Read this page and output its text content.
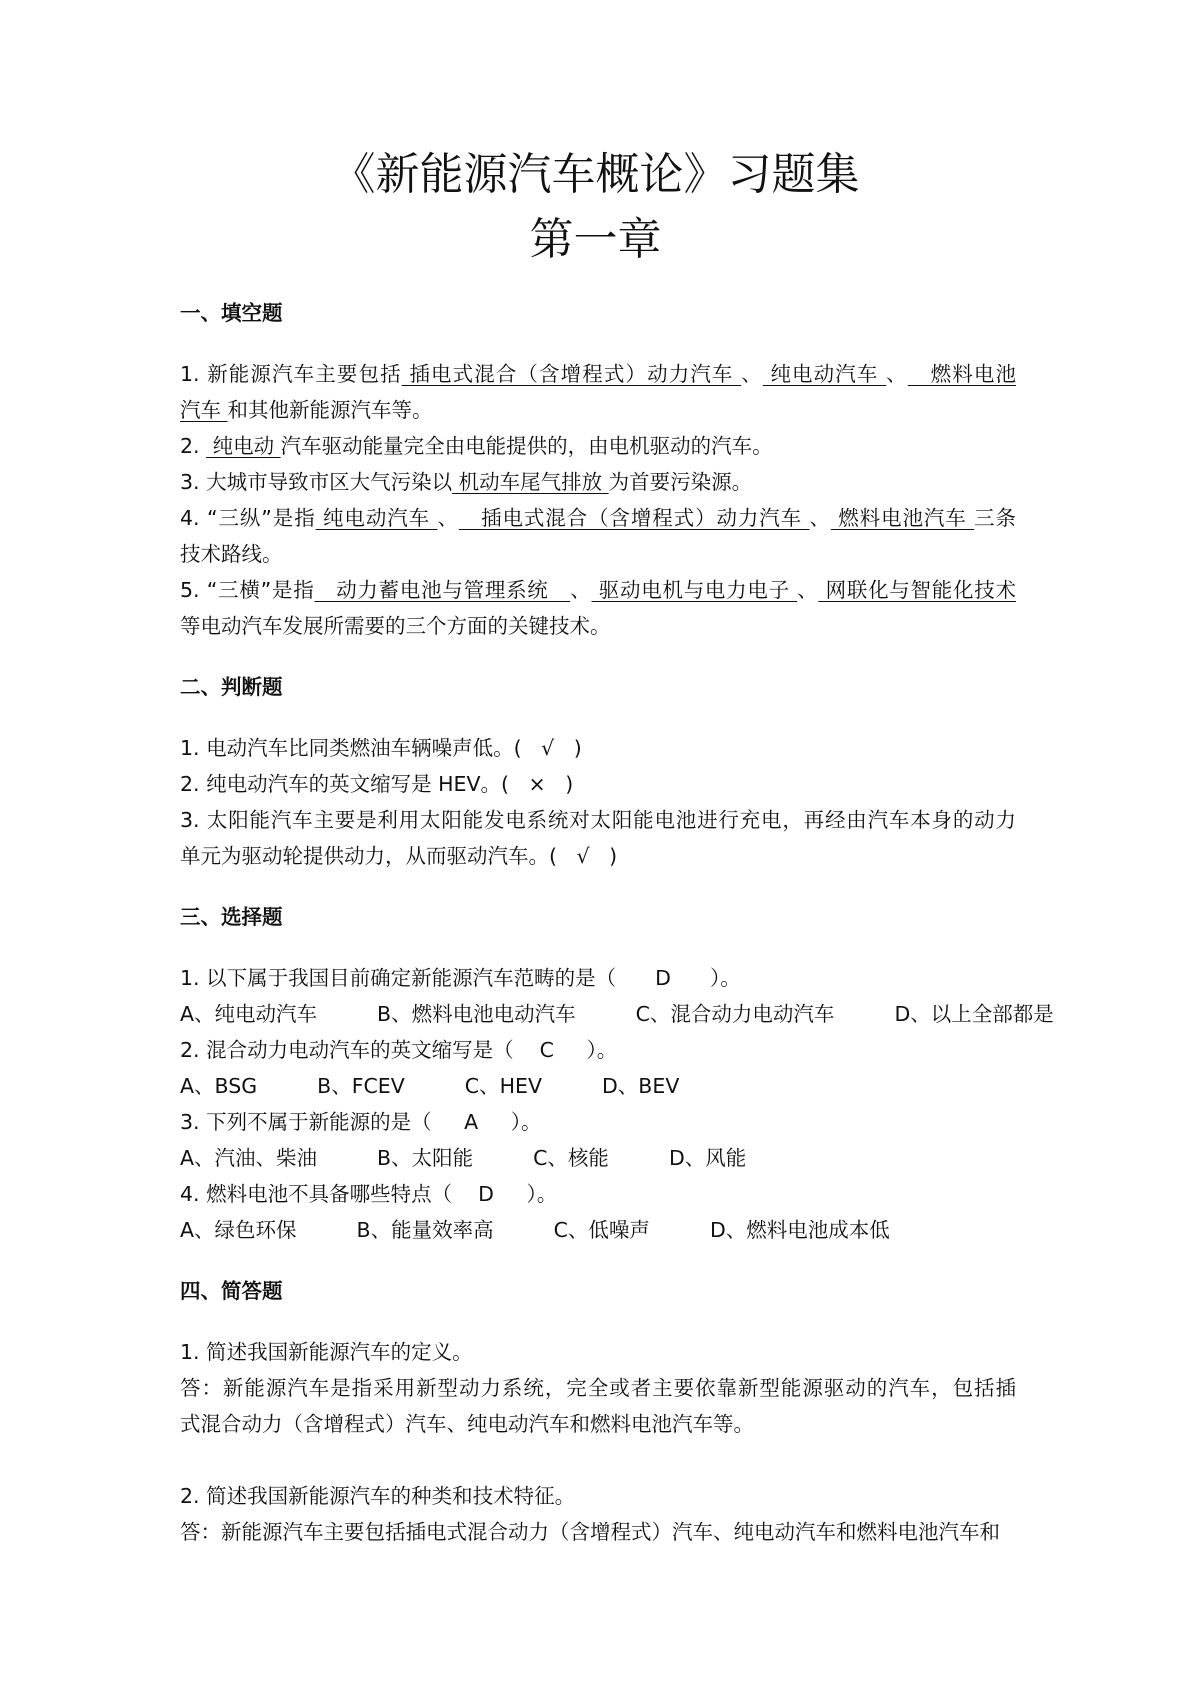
《新能源汽车概论》习题集
第一章
一、填空题
1. 新能源汽车主要包括 插电式混合（含增程式）动力汽车 、 纯电动汽车 、   燃料电池
汽车 和其他新能源汽车等。
2.  纯电动 汽车驱动能量完全由电能提供的，由电机驱动的汽车。
3. 大城市导致市区大气污染以 机动车尾气排放 为首要污染源。
4. “三纵”是指 纯电动汽车 、   插电式混合（含增程式）动力汽车 、 燃料电池汽车 三条
技术路线。
5. “三横”是指   动力蓄电池与管理系统   、 驱动电机与电力电子 、 网联化与智能化技术
等电动汽车发展所需要的三个方面的关键技术。
二、判断题
1. 电动汽车比同类燃油车辆噪声低。(   √   )
2. 纯电动汽车的英文缩写是 HEV。(   ×   )
3. 太阳能汽车主要是利用太阳能发电系统对太阳能电池进行充电，再经由汽车本身的动力
单元为驱动轮提供动力，从而驱动汽车。(   √   )
三、选择题
1. 以下属于我国目前确定新能源汽车范畴的是（      D      ）。
A、纯电动汽车	B、燃料电池电动汽车	C、混合动力电动汽车	D、以上全部都是
2. 混合动力电动汽车的英文缩写是（    C     ）。
A、BSG	B、FCEV	C、HEV	D、BEV
3. 下列不属于新能源的是（     A     ）。
A、汽油、柴油	B、太阳能	C、核能	D、风能
4. 燃料电池不具备哪些特点（    D     ）。
A、绿色环保	B、能量效率高	C、低噪声	D、燃料电池成本低
四、简答题
1. 简述我国新能源汽车的定义。
答：新能源汽车是指采用新型动力系统，完全或者主要依靠新型能源驱动的汽车，包括插
式混合动力（含增程式）汽车、纯电动汽车和燃料电池汽车等。
2. 简述我国新能源汽车的种类和技术特征。
答：新能源汽车主要包括插电式混合动力（含增程式）汽车、纯电动汽车和燃料电池汽车和
